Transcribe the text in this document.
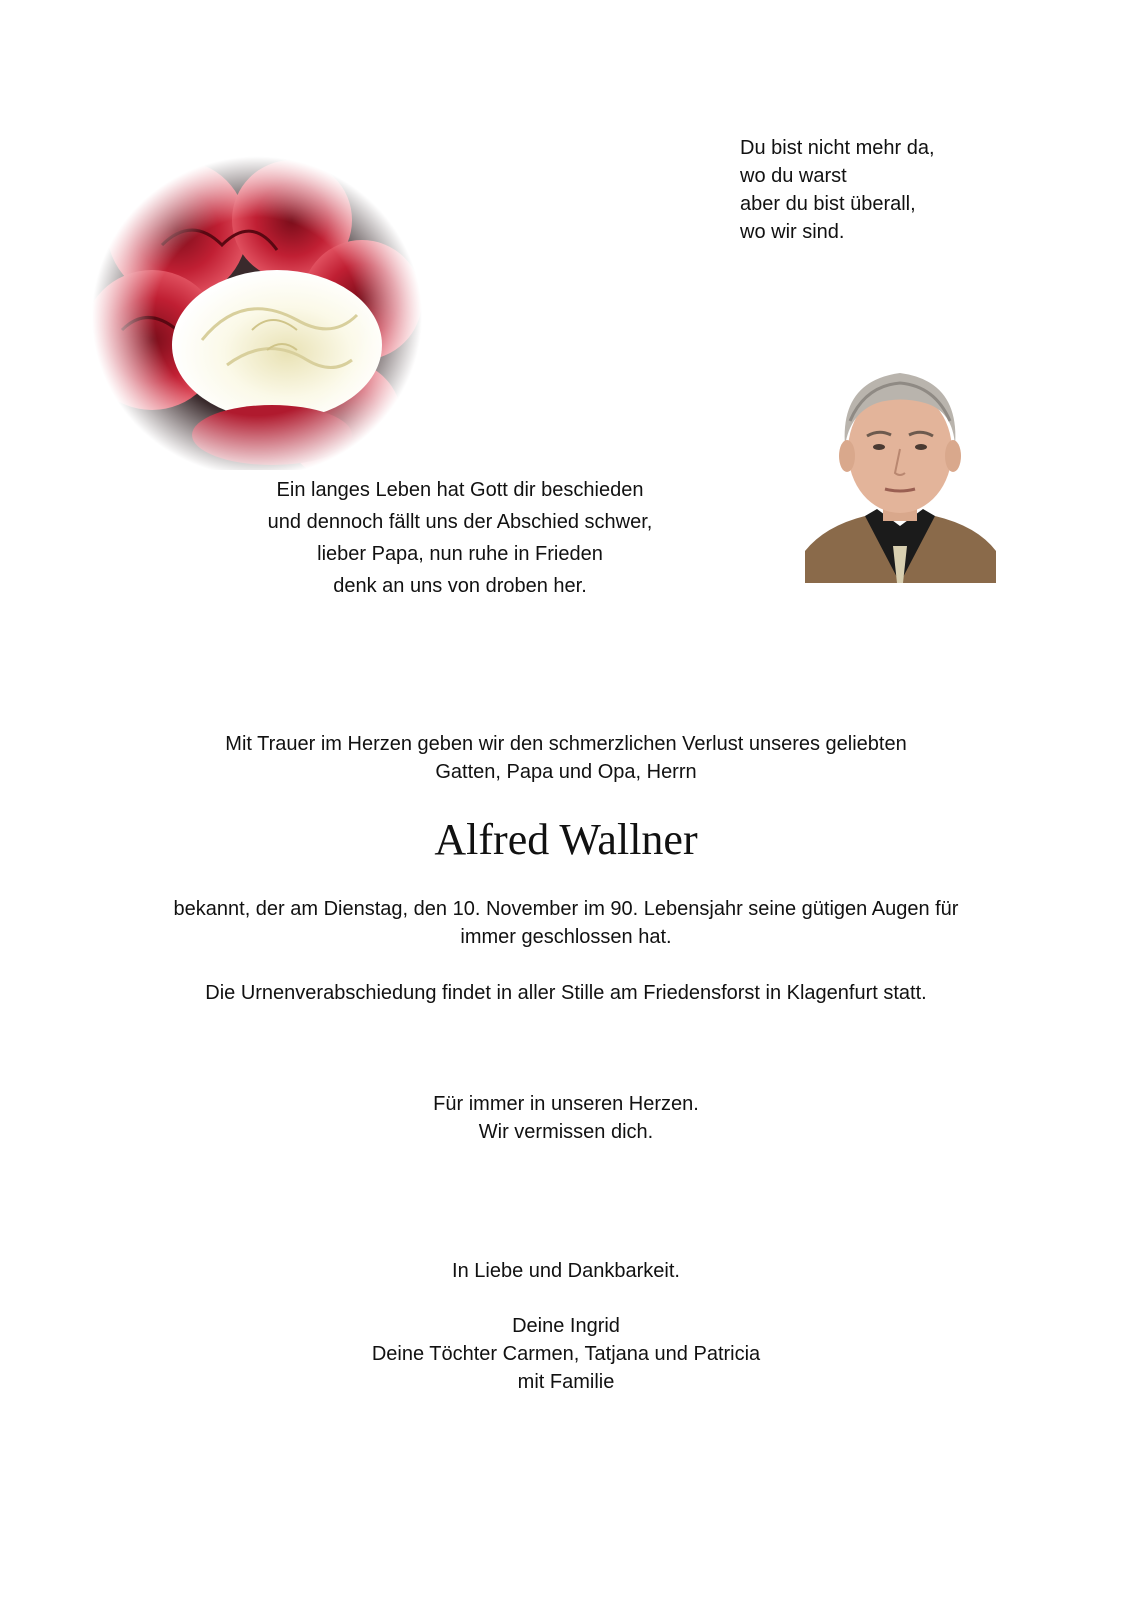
Du bist nicht mehr da,
wo du warst
aber du bist überall,
wo wir sind.
Ein langes Leben hat Gott dir beschieden
und dennoch fällt uns der Abschied schwer,
lieber Papa, nun ruhe in Frieden
denk an uns von droben her.
Mit Trauer im Herzen geben wir den schmerzlichen Verlust unseres geliebten
Gatten, Papa und Opa, Herrn
Alfred Wallner
bekannt, der am Dienstag, den 10. November im 90. Lebensjahr seine gütigen Augen für
immer geschlossen hat.
Die Urnenverabschiedung findet in aller Stille am Friedensforst in Klagenfurt statt.
Für immer in unseren Herzen.
Wir vermissen dich.
In Liebe und Dankbarkeit.
Deine Ingrid
Deine Töchter Carmen, Tatjana und Patricia
mit Familie
